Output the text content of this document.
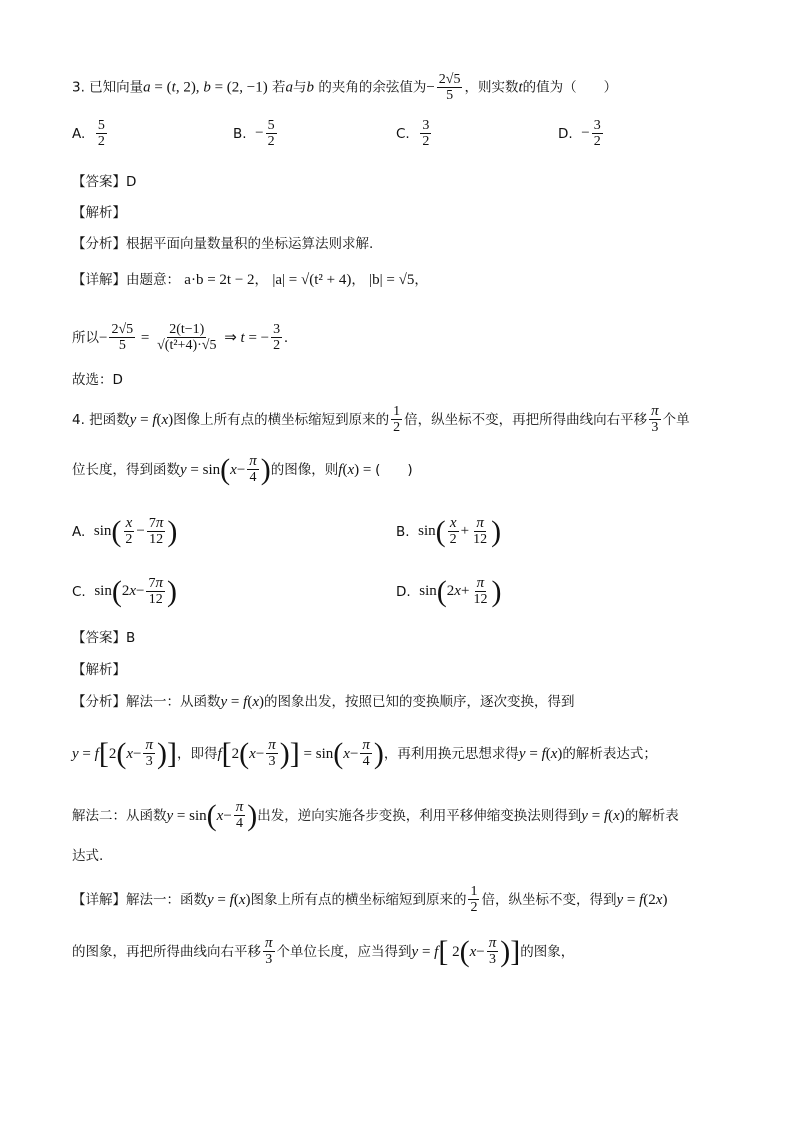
3. 已知向量a = (t, 2), b = (2, −1) 若a与b 的夹角的余弦值为− $\frac{2√5}{5}$ ，则实数t的值为（　　）
A.
$\frac{5}{2}$	B.
− $\frac{5}{2}$	C.
$\frac{3}{2}$	D.
− $\frac{3}{2}$
【答案】D
【解析】
【分析】根据平面向量数量积的坐标运算法则求解.
【详解】由题意： a·b = 2t − 2， |a| = √(t² + 4)， |b| = √5，
所以 − $\frac{2√5}{5} = \frac{2(t-1)}{\text{√(t²+4)·√5}}$ ⇒ t = − $\frac{3}{2}$ .
故选：D
4. 把函数 y = f ( x ) 图像上所有点的横坐标缩短到原来的 $\frac{1}{2}$ 倍，纵坐标不变，再把所得曲线向右平移 $\frac{\pi}{3}$ 个单
位长度，得到函数 y = sin ( $x - \frac{\pi}{4}$ ) 的图像，则 f ( x ) = (　　)
A.
sin ( $\frac{x}{2} - \frac{7\pi}{12}$ )	B.
sin ( $\frac{x}{2} + \frac{\pi}{12}$ )
C.
sin ( 2 $x - \frac{7\pi}{12}$ )	D.
sin ( 2 $x + \frac{\pi}{12}$ )
【答案】B
【解析】
【分析】解法一：从函数 y = f ( x ) 的图象出发，按照已知的变换顺序，逐次变换，得到
y = f [ 2 ( $x - \frac{\pi}{3}$ ) ] ，即得 f [ 2 ( $x - \frac{\pi}{3}$ ) ] = sin ( $x - \frac{\pi}{4}$ ) ，再利用换元思想求得 y = f ( x ) 的解析表达式；
解法二：从函数 y = sin ( $x - \frac{\pi}{4}$ ) 出发，逆向实施各步变换，利用平移伸缩变换法则得到 y = f ( x ) 的解析表
达式.
【详解】解法一：函数 y = f ( x ) 图象上所有点的横坐标缩短到原来的 $\frac{1}{2}$ 倍，纵坐标不变，得到 y = f (2 x )
的图象，再把所得曲线向右平移 $\frac{\pi}{3}$ 个单位长度，应当得到 y = f [ 2 ( $x - \frac{\pi}{3}$ ) ] 的图象，
